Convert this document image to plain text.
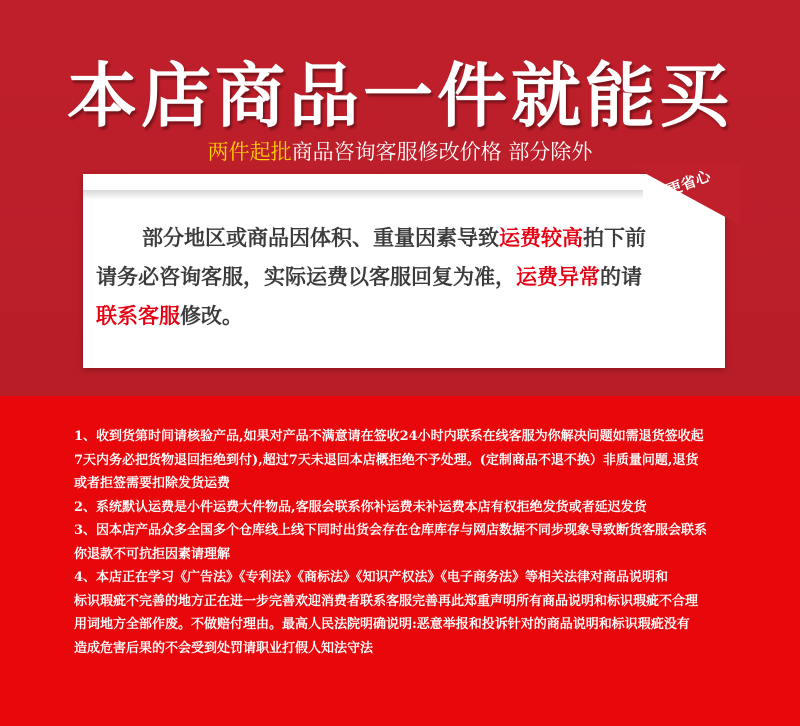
本店商品一件就能买
两件起批商品咨询客服修改价格 部分除外
更省心

部分地区或商品因体积、重量因素导致运费较高拍下前

请务必咨询客服，实际运费以客服回复为准，运费异常的请

联系客服修改。

1、收到货第时间请核验产品,如果对产品不满意请在签收24小时内联系在线客服为你解决问题如需退货签收起

7天内务必把货物退回拒绝到付),超过7天未退回本店概拒绝不予处理。(定制商品不退不换）非质量问题,退货

或者拒签需要扣除发货运费

2、系统默认运费是小件运费大件物品,客服会联系你补运费未补运费本店有权拒绝发货或者延迟发货

3、因本店产品众多全国多个仓库线上线下同时出货会存在仓库库存与网店数据不同步现象导致断货客服会联系

你退款不可抗拒因素请理解

4、本店正在学习《广告法》《专利法》《商标法》《知识产权法》《电子商务法》等相关法律对商品说明和

标识瑕疵不完善的地方正在进一步完善欢迎消费者联系客服完善再此郑重声明所有商品说明和标识瑕疵不合理

用词地方全部作废。不做赔付理由。最高人民法院明确说明:恶意举报和投诉针对的商品说明和标识瑕疵没有

造成危害后果的不会受到处罚请职业打假人知法守法
